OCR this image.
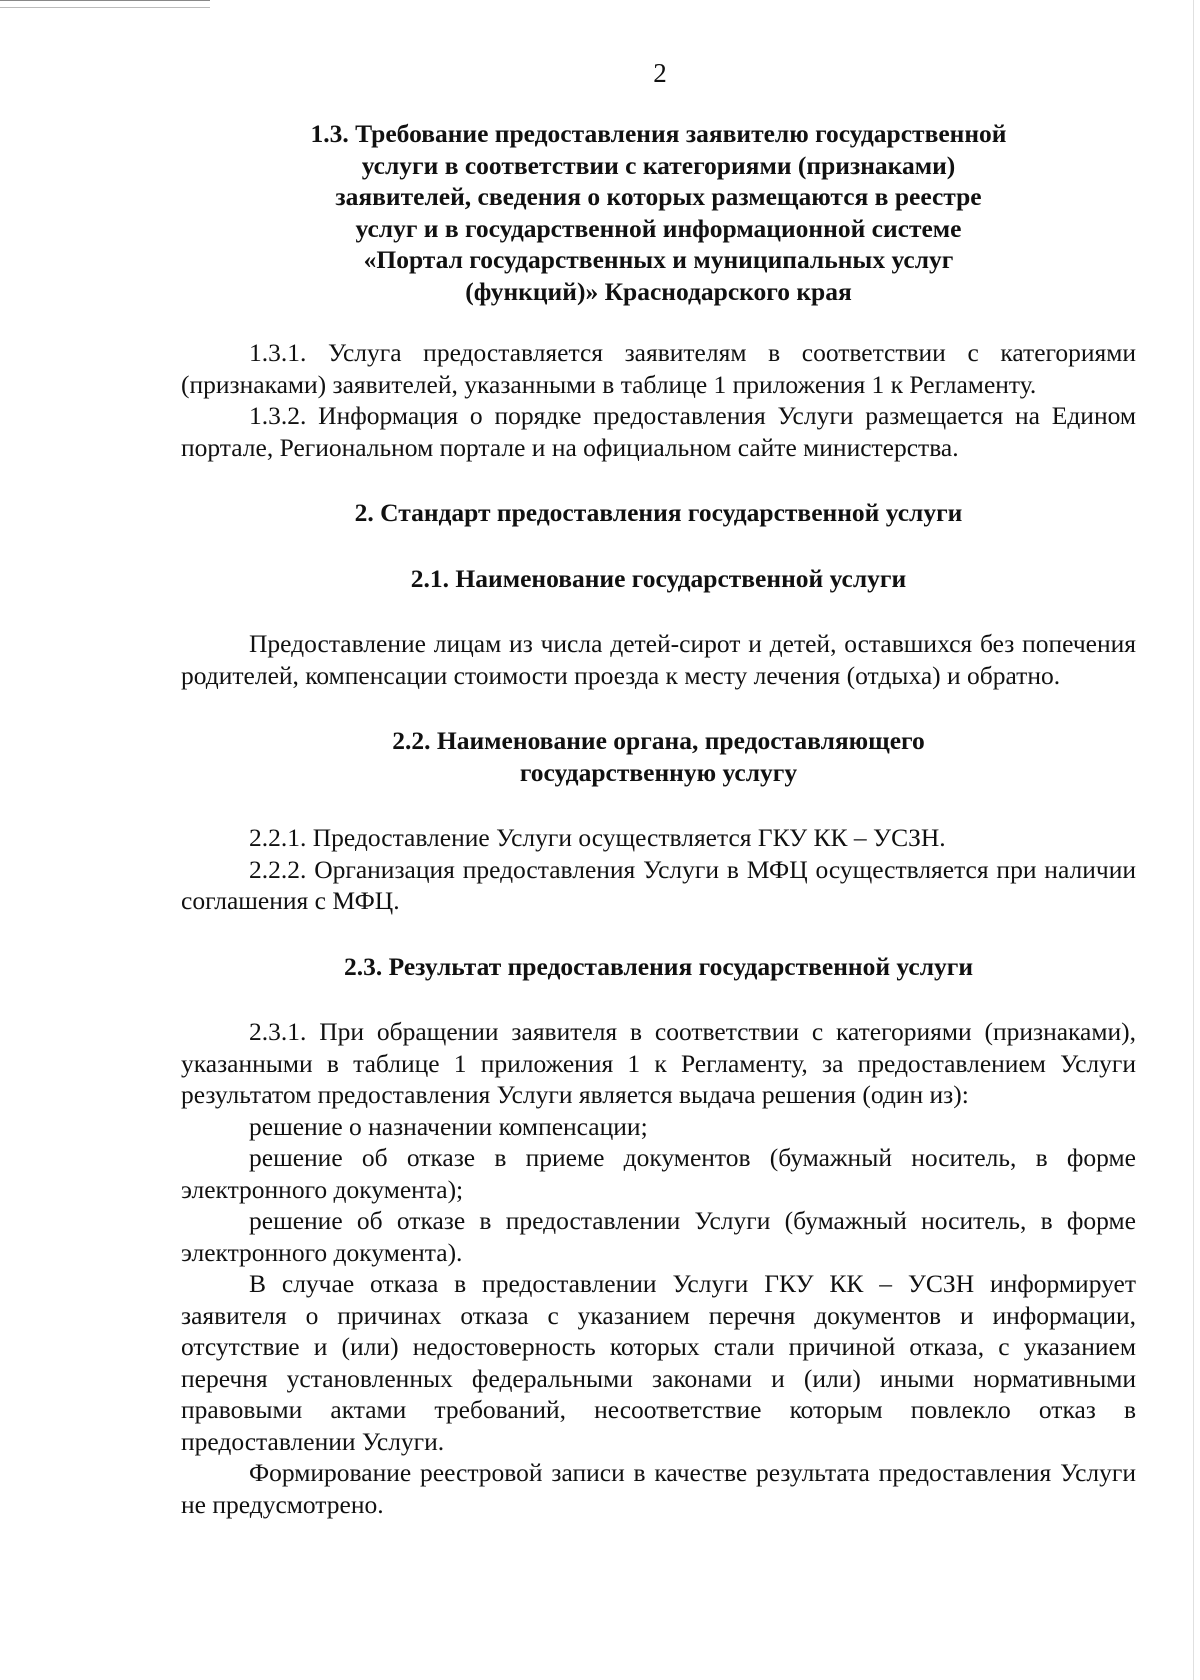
2
1.3. Требование предоставления заявителю государственной
услуги в соответствии с категориями (признаками)
заявителей, сведения о которых размещаются в реестре
услуг и в государственной информационной системе
«Портал государственных и муниципальных услуг
(функций)» Краснодарского края

1.3.1. Услуга предоставляется заявителям в соответствии с категориями (признаками) заявителей, указанными в таблице 1 приложения 1 к Регламенту.

1.3.2. Информация о порядке предоставления Услуги размещается на Едином портале, Региональном портале и на официальном сайте министерства.

2. Стандарт предоставления государственной услуги
2.1. Наименование государственной услуги

Предоставление лицам из числа детей-сирот и детей, оставшихся без попечения родителей, компенсации стоимости проезда к месту лечения (отдыха) и обратно.

2.2. Наименование органа, предоставляющего
государственную услугу

2.2.1. Предоставление Услуги осуществляется ГКУ КК – УСЗН.

2.2.2. Организация предоставления Услуги в МФЦ осуществляется при наличии соглашения с МФЦ.

2.3. Результат предоставления государственной услуги

2.3.1. При обращении заявителя в соответствии с категориями (признаками), указанными в таблице 1 приложения 1 к Регламенту, за предоставлением Услуги результатом предоставления Услуги является выдача решения (один из):

решение о назначении компенсации;

решение об отказе в приеме документов (бумажный носитель, в форме электронного документа);

решение об отказе в предоставлении Услуги (бумажный носитель, в форме электронного документа).

В случае отказа в предоставлении Услуги ГКУ КК – УСЗН информирует заявителя о причинах отказа с указанием перечня документов и информации, отсутствие и (или) недостоверность которых стали причиной отказа, с указанием перечня установленных федеральными законами и (или) иными нормативными правовыми актами требований, несоответствие которым повлекло отказ в предоставлении Услуги.

Формирование реестровой записи в качестве результата предоставления Услуги не предусмотрено.
